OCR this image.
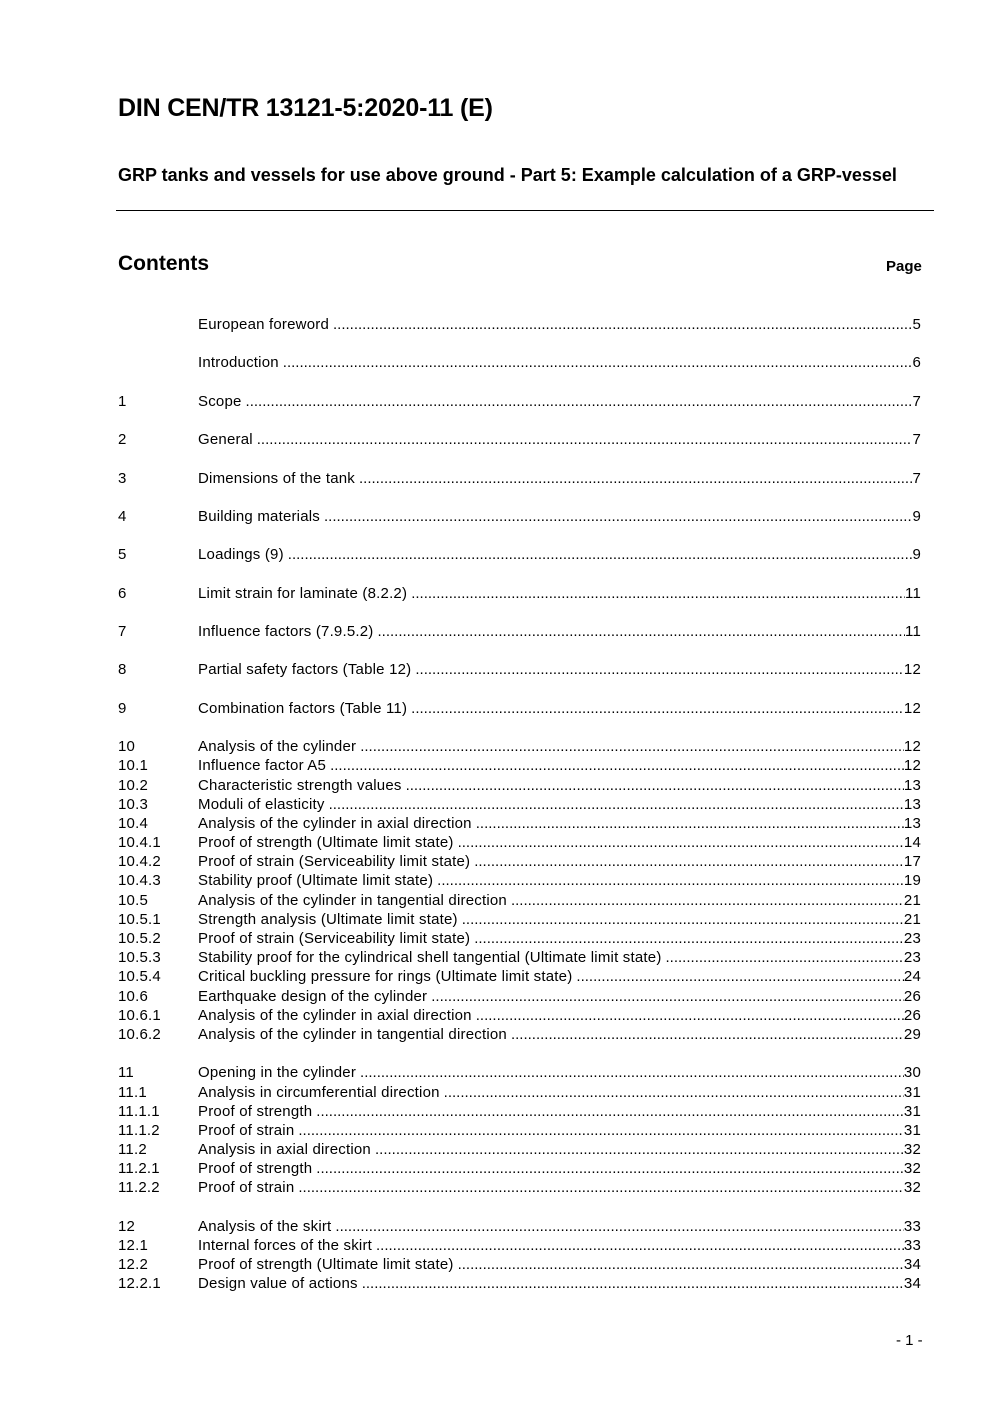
DIN CEN/TR 13121-5:2020-11 (E)
GRP tanks and vessels for use above ground - Part 5: Example calculation of a GRP-vessel
Contents	Page
European foreword .....	5
Introduction .....	6
1	Scope .....	7
2	General .....	7
3	Dimensions of the tank .....	7
4	Building materials .....	9
5	Loadings (9) .....	9
6	Limit strain for laminate (8.2.2) .....	11
7	Influence factors (7.9.5.2) .....	11
8	Partial safety factors (Table 12) .....	12
9	Combination factors (Table 11) .....	12
10	Analysis of the cylinder .....	12
10.1	Influence factor A5 .....	12
10.2	Characteristic strength values .....	13
10.3	Moduli of elasticity .....	13
10.4	Analysis of the cylinder in axial direction .....	13
10.4.1	Proof of strength (Ultimate limit state) .....	14
10.4.2	Proof of strain (Serviceability limit state) .....	17
10.4.3	Stability proof (Ultimate limit state) .....	19
10.5	Analysis of the cylinder in tangential direction .....	21
10.5.1	Strength analysis (Ultimate limit state) .....	21
10.5.2	Proof of strain (Serviceability limit state) .....	23
10.5.3	Stability proof for the cylindrical shell tangential (Ultimate limit state) .....	23
10.5.4	Critical buckling pressure for rings (Ultimate limit state) .....	24
10.6	Earthquake design of the cylinder .....	26
10.6.1	Analysis of the cylinder in axial direction .....	26
10.6.2	Analysis of the cylinder in tangential direction .....	29
11	Opening in the cylinder .....	30
11.1	Analysis in circumferential direction .....	31
11.1.1	Proof of strength .....	31
11.1.2	Proof of strain .....	31
11.2	Analysis in axial direction .....	32
11.2.1	Proof of strength .....	32
11.2.2	Proof of strain .....	32
12	Analysis of the skirt .....	33
12.1	Internal forces of the skirt .....	33
12.2	Proof of strength (Ultimate limit state) .....	34
12.2.1	Design value of actions .....	34
- 1 -
